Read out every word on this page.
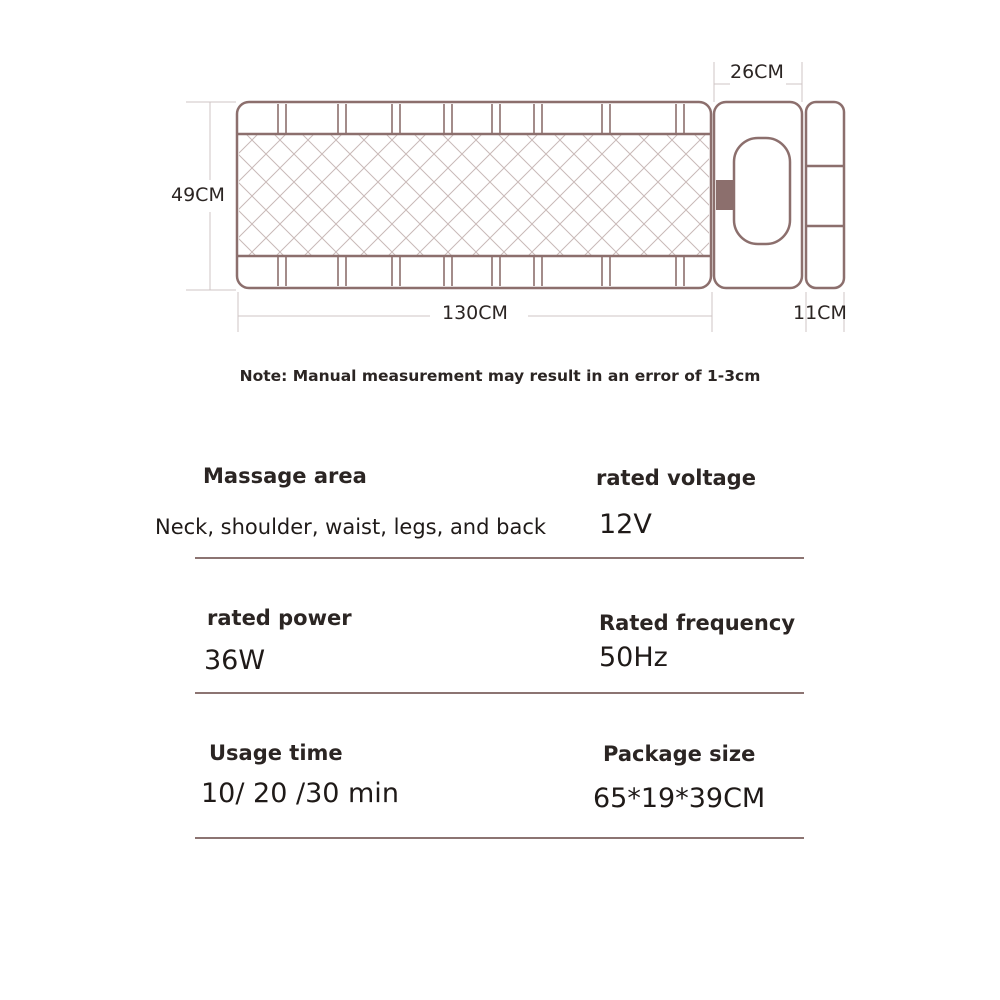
49CM
130CM
26CM
11CM
Note: Manual measurement may result in an error of 1-3cm
Massage area
Neck, shoulder, waist, legs, and back
rated voltage
12V
rated power
36W
Rated frequency
50Hz
Usage time
10/ 20 /30 min
Package size
65*19*39CM
